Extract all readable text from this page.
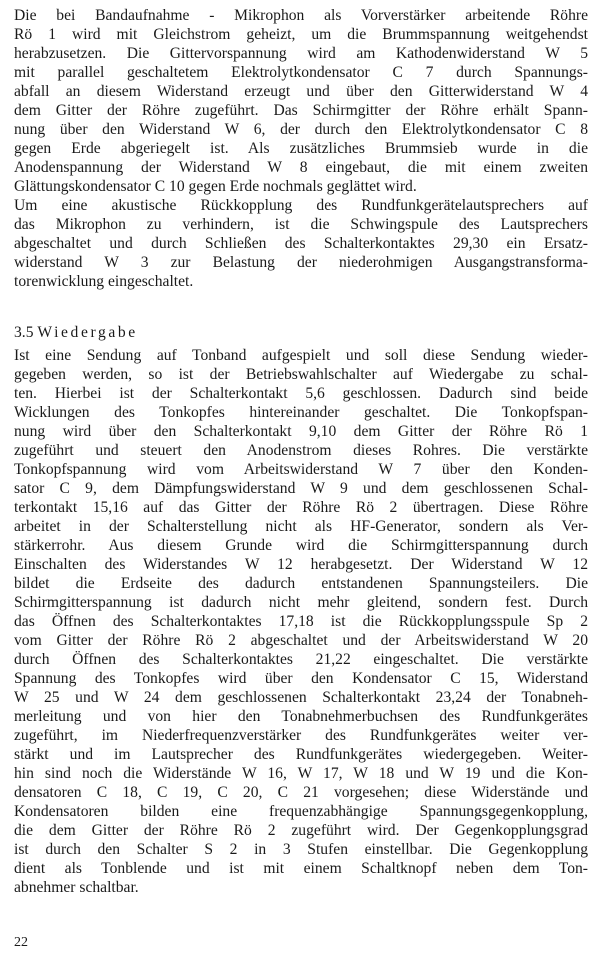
Die bei Bandaufnahme - Mikrophon als Vorverstärker arbeitende Röhre
Rö 1 wird mit Gleichstrom geheizt, um die Brummspannung weitgehendst
herabzusetzen. Die Gittervorspannung wird am Kathodenwiderstand W 5
mit parallel geschaltetem Elektrolytkondensator C 7 durch Spannungs-
abfall an diesem Widerstand erzeugt und über den Gitterwiderstand W 4
dem Gitter der Röhre zugeführt. Das Schirmgitter der Röhre erhält Spann-
nung über den Widerstand W 6, der durch den Elektrolytkondensator C 8
gegen Erde abgeriegelt ist. Als zusätzliches Brummsieb wurde in die
Anodenspannung der Widerstand W 8 eingebaut, die mit einem zweiten
Glättungskondensator C 10 gegen Erde nochmals geglättet wird.
Um eine akustische Rückkopplung des Rundfunkgerätelautsprechers auf
das Mikrophon zu verhindern, ist die Schwingspule des Lautsprechers
abgeschaltet und durch Schließen des Schalterkontaktes 29,30 ein Ersatz-
widerstand W 3 zur Belastung der niederohmigen Ausgangstransforma-
torenwicklung eingeschaltet.
3.5 Wiedergabe
Ist eine Sendung auf Tonband aufgespielt und soll diese Sendung wieder-
gegeben werden, so ist der Betriebswahlschalter auf Wiedergabe zu schal-
ten. Hierbei ist der Schalterkontakt 5,6 geschlossen. Dadurch sind beide
Wicklungen des Tonkopfes hintereinander geschaltet. Die Tonkopfspan-
nung wird über den Schalterkontakt 9,10 dem Gitter der Röhre Rö 1
zugeführt und steuert den Anodenstrom dieses Rohres. Die verstärkte
Tonkopfspannung wird vom Arbeitswiderstand W 7 über den Konden-
sator C 9, dem Dämpfungswiderstand W 9 und dem geschlossenen Schal-
terkontakt 15,16 auf das Gitter der Röhre Rö 2 übertragen. Diese Röhre
arbeitet in der Schalterstellung nicht als HF-Generator, sondern als Ver-
stärkerrohr. Aus diesem Grunde wird die Schirmgitterspannung durch
Einschalten des Widerstandes W 12 herabgesetzt. Der Widerstand W 12
bildet die Erdseite des dadurch entstandenen Spannungsteilers. Die
Schirmgitterspannung ist dadurch nicht mehr gleitend, sondern fest. Durch
das Öffnen des Schalterkontaktes 17,18 ist die Rückkopplungsspule Sp 2
vom Gitter der Röhre Rö 2 abgeschaltet und der Arbeitswiderstand W 20
durch Öffnen des Schalterkontaktes 21,22 eingeschaltet. Die verstärkte
Spannung des Tonkopfes wird über den Kondensator C 15, Widerstand
W 25 und W 24 dem geschlossenen Schalterkontakt 23,24 der Tonabneh-
merleitung und von hier den Tonabnehmerbuchsen des Rundfunkgerätes
zugeführt, im Niederfrequenzverstärker des Rundfunkgerätes weiter ver-
stärkt und im Lautsprecher des Rundfunkgerätes wiedergegeben. Weiter-
hin sind noch die Widerstände W 16, W 17, W 18 und W 19 und die Kon-
densatoren C 18, C 19, C 20, C 21 vorgesehen; diese Widerstände und
Kondensatoren bilden eine frequenzabhängige Spannungsgegenkopplung,
die dem Gitter der Röhre Rö 2 zugeführt wird. Der Gegenkopplungsgrad
ist durch den Schalter S 2 in 3 Stufen einstellbar. Die Gegenkopplung
dient als Tonblende und ist mit einem Schaltknopf neben dem Ton-
abnehmer schaltbar.
22
